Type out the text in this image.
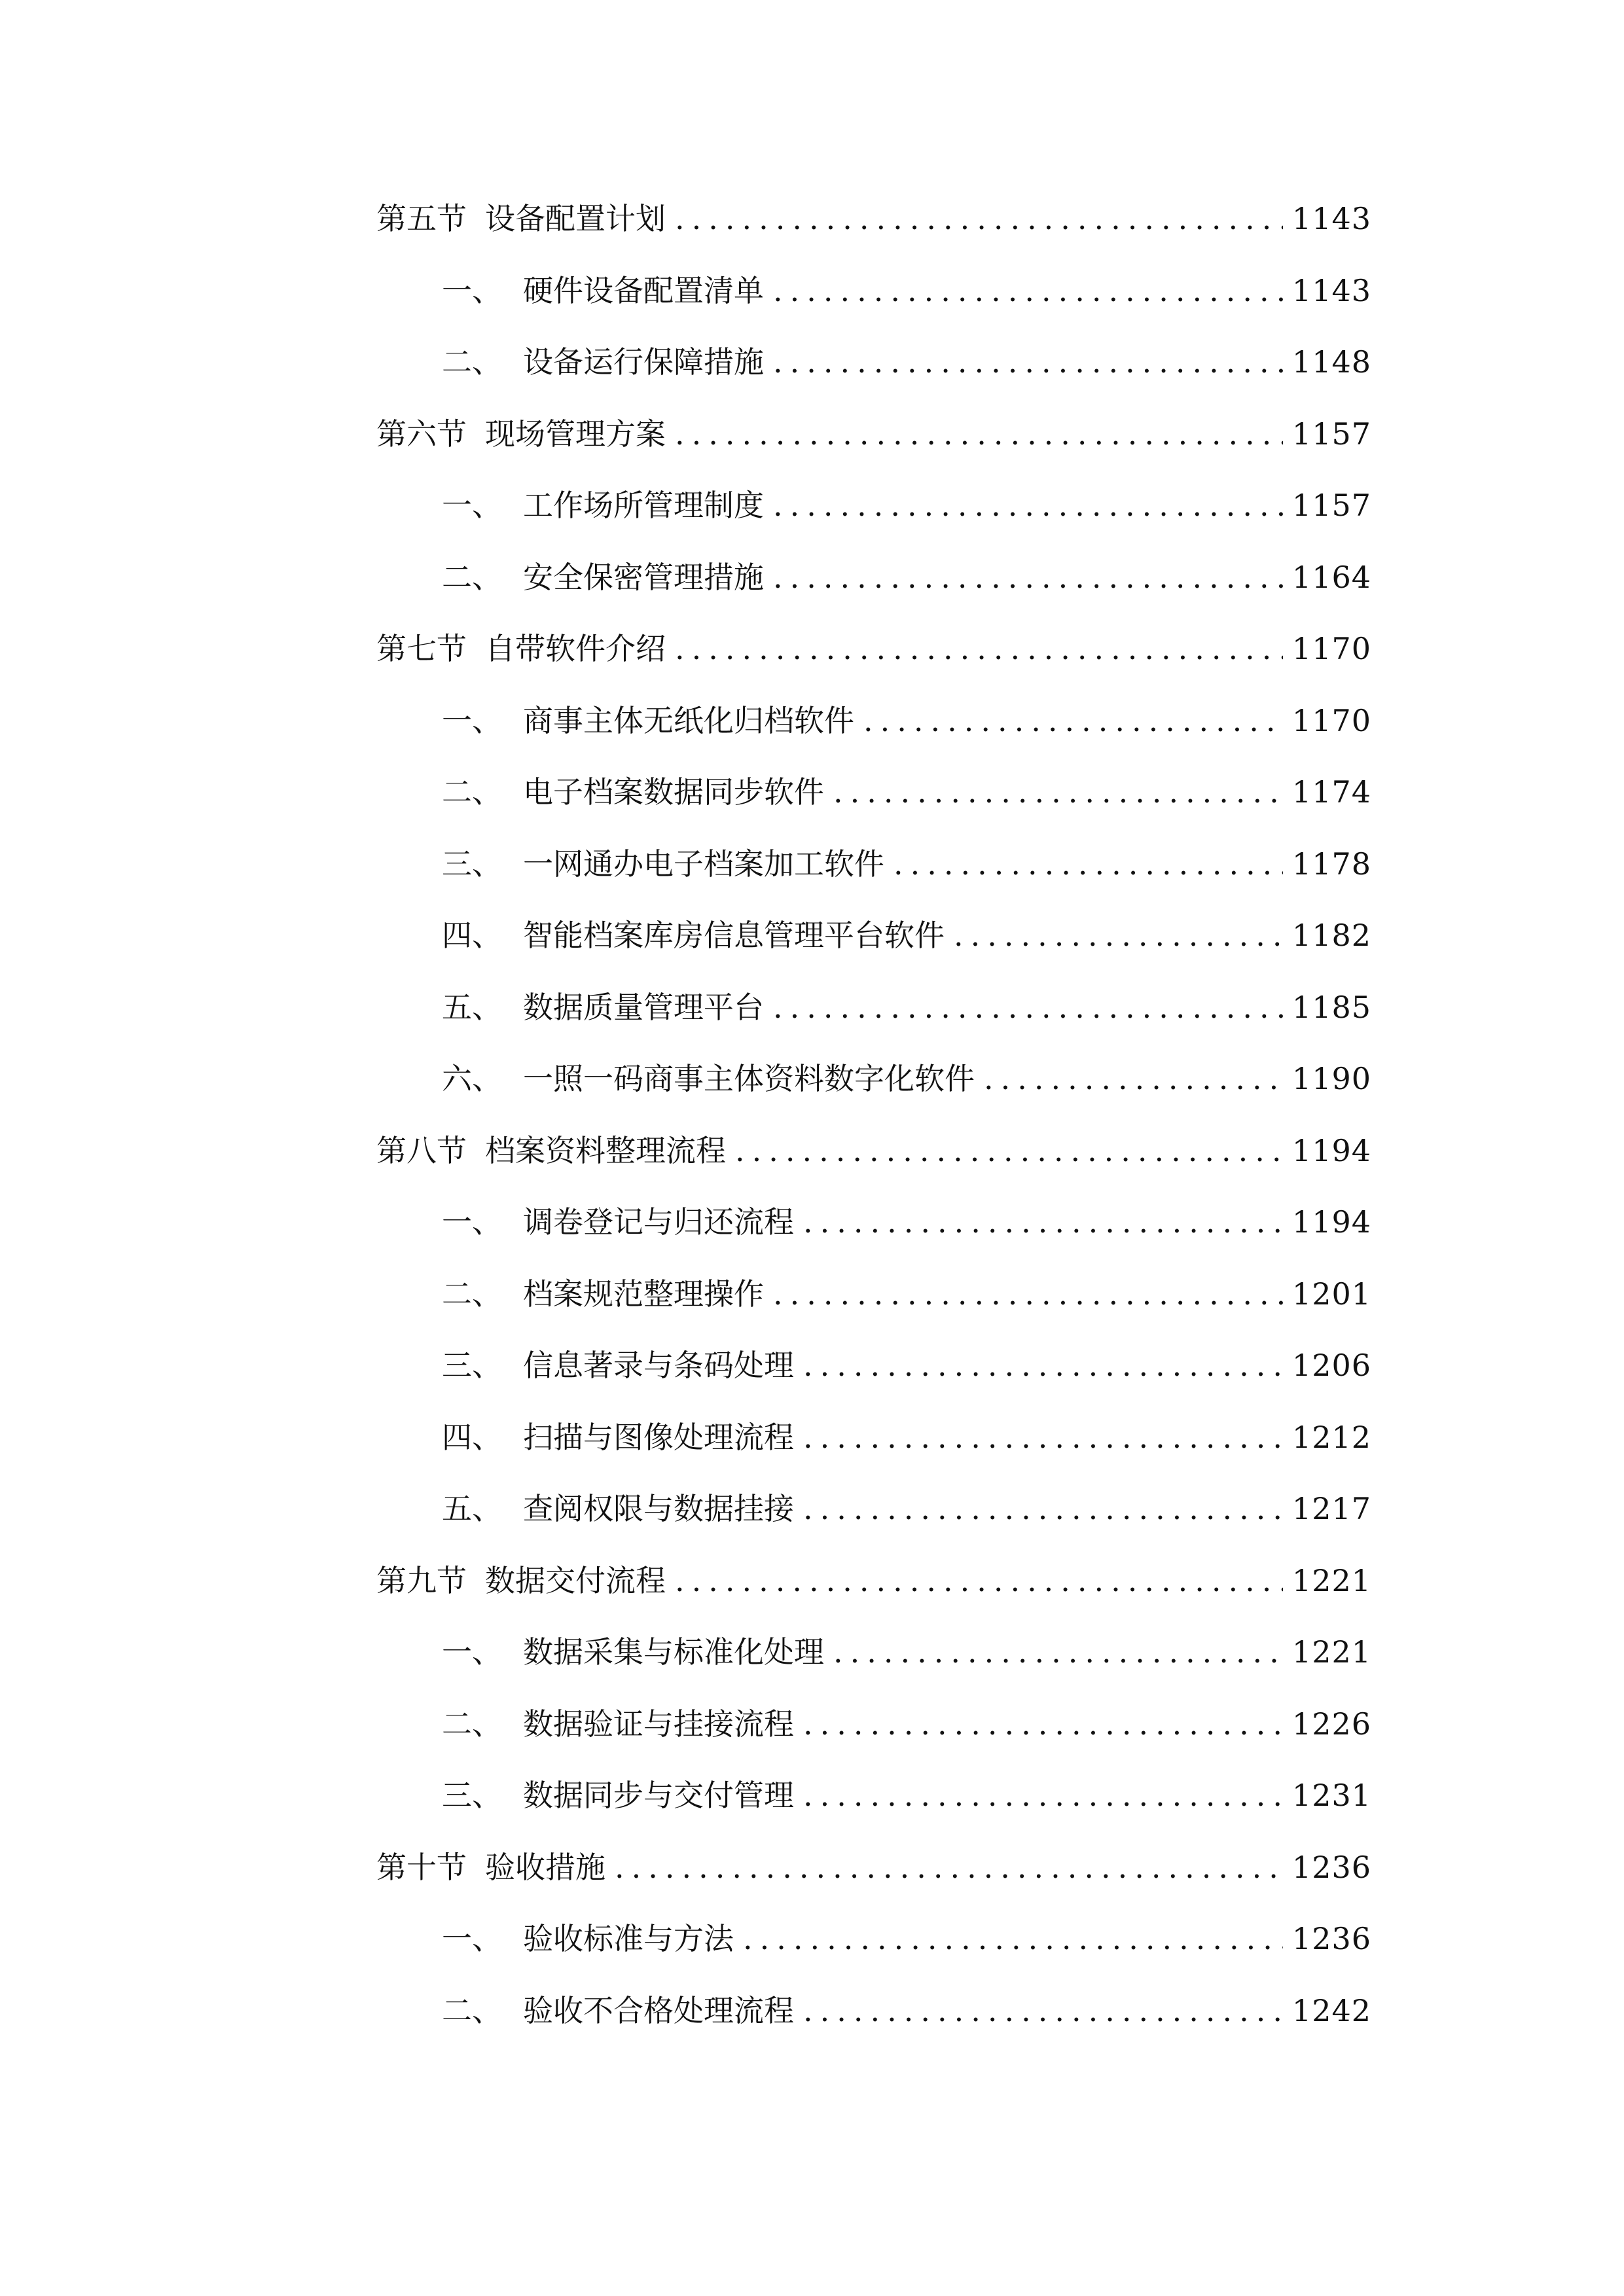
第五节 设备配置计划 .....	1143
一、 硬件设备配置清单 .....	1143
二、 设备运行保障措施 .....	1148
第六节 现场管理方案 .....	1157
一、 工作场所管理制度 .....	1157
二、 安全保密管理措施 .....	1164
第七节 自带软件介绍 .....	1170
一、 商事主体无纸化归档软件 .....	1170
二、 电子档案数据同步软件 .....	1174
三、 一网通办电子档案加工软件 .....	1178
四、 智能档案库房信息管理平台软件 .....	1182
五、 数据质量管理平台 .....	1185
六、 一照一码商事主体资料数字化软件 .....	1190
第八节 档案资料整理流程 .....	1194
一、 调卷登记与归还流程 .....	1194
二、 档案规范整理操作 .....	1201
三、 信息著录与条码处理 .....	1206
四、 扫描与图像处理流程 .....	1212
五、 查阅权限与数据挂接 .....	1217
第九节 数据交付流程 .....	1221
一、 数据采集与标准化处理 .....	1221
二、 数据验证与挂接流程 .....	1226
三、 数据同步与交付管理 .....	1231
第十节 验收措施 .....	1236
一、 验收标准与方法 .....	1236
二、 验收不合格处理流程 .....	1242
